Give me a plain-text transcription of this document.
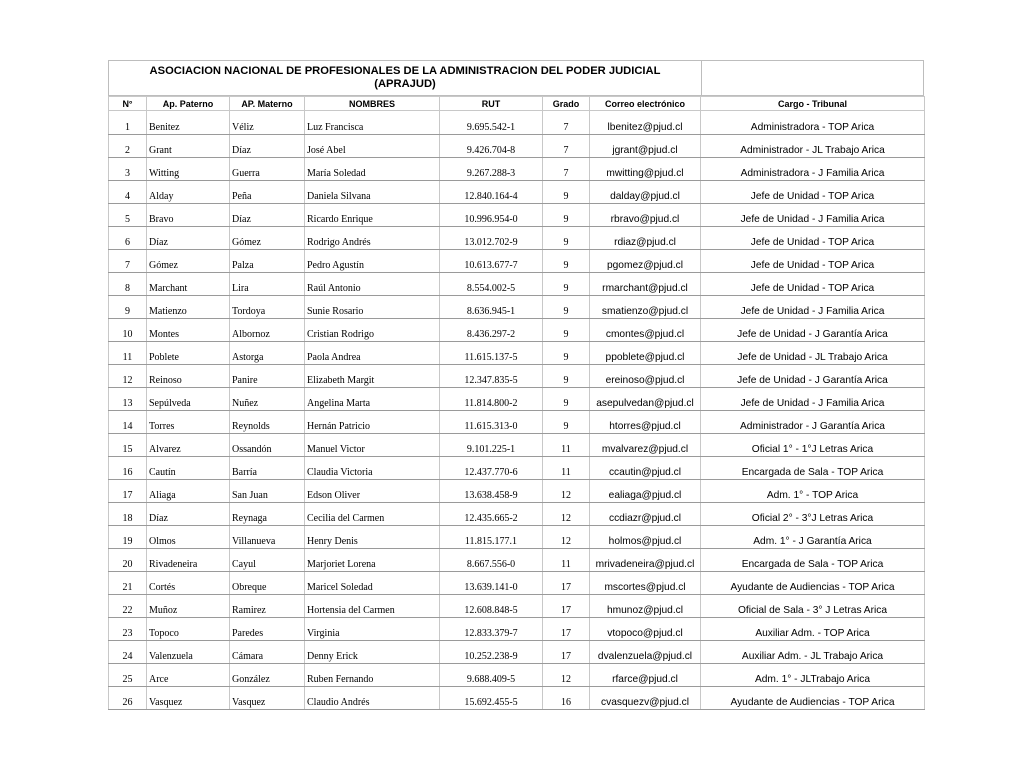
ASOCIACION NACIONAL DE PROFESIONALES DE LA ADMINISTRACION DEL PODER JUDICIAL
(APRAJUD)
N°	Ap. Paterno	AP. Materno	NOMBRES	RUT	Grado	Correo electrónico	Cargo - Tribunal
1	Benitez	Véliz	Luz Francisca	9.695.542-1	7	lbenitez@pjud.cl	Administradora - TOP Arica
2	Grant	Díaz	José Abel	9.426.704-8	7	jgrant@pjud.cl	Administrador - JL Trabajo Arica
3	Witting	Guerra	María Soledad	9.267.288-3	7	mwitting@pjud.cl	Administradora - J Familia Arica
4	Alday	Peña	Daniela Silvana	12.840.164-4	9	dalday@pjud.cl	Jefe de Unidad - TOP Arica
5	Bravo	Díaz	Ricardo Enrique	10.996.954-0	9	rbravo@pjud.cl	Jefe de Unidad - J Familia Arica
6	Díaz	Gómez	Rodrigo Andrés	13.012.702-9	9	rdiaz@pjud.cl	Jefe de Unidad - TOP Arica
7	Gómez	Palza	Pedro Agustín	10.613.677-7	9	pgomez@pjud.cl	Jefe de Unidad - TOP Arica
8	Marchant	Lira	Raúl Antonio	8.554.002-5	9	rmarchant@pjud.cl	Jefe de Unidad - TOP Arica
9	Matienzo	Tordoya	Sunie Rosario	8.636.945-1	9	smatienzo@pjud.cl	Jefe de Unidad - J Familia Arica
10	Montes	Albornoz	Cristian Rodrigo	8.436.297-2	9	cmontes@pjud.cl	Jefe de Unidad - J Garantía Arica
11	Poblete	Astorga	Paola Andrea	11.615.137-5	9	ppoblete@pjud.cl	Jefe de Unidad - JL Trabajo Arica
12	Reinoso	Panire	Elizabeth Margit	12.347.835-5	9	ereinoso@pjud.cl	Jefe de Unidad - J Garantía Arica
13	Sepúlveda	Nuñez	Angelina Marta	11.814.800-2	9	asepulvedan@pjud.cl	Jefe de Unidad - J Familia Arica
14	Torres	Reynolds	Hernán Patricio	11.615.313-0	9	htorres@pjud.cl	Administrador - J Garantía Arica
15	Alvarez	Ossandón	Manuel Victor	9.101.225-1	11	mvalvarez@pjud.cl	Oficial 1° - 1°J Letras Arica
16	Cautín	Barría	Claudia Victoria	12.437.770-6	11	ccautin@pjud.cl	Encargada de Sala - TOP Arica
17	Aliaga	San Juan	Edson Oliver	13.638.458-9	12	ealiaga@pjud.cl	Adm. 1° - TOP Arica
18	Díaz	Reynaga	Cecilia del Carmen	12.435.665-2	12	ccdiazr@pjud.cl	Oficial 2° - 3°J Letras Arica
19	Olmos	Villanueva	Henry Denis	11.815.177.1	12	holmos@pjud.cl	Adm. 1° - J Garantía Arica
20	Rivadeneira	Cayul	Marjoriet Lorena	8.667.556-0	11	mrivadeneira@pjud.cl	Encargada de Sala - TOP Arica
21	Cortés	Obreque	Maricel Soledad	13.639.141-0	17	mscortes@pjud.cl	Ayudante de Audiencias - TOP Arica
22	Muñoz	Ramirez	Hortensia del Carmen	12.608.848-5	17	hmunoz@pjud.cl	Oficial de Sala - 3° J Letras Arica
23	Topoco	Paredes	Virginia	12.833.379-7	17	vtopoco@pjud.cl	Auxiliar Adm. - TOP Arica
24	Valenzuela	Cámara	Denny Erick	10.252.238-9	17	dvalenzuela@pjud.cl	Auxiliar Adm. - JL Trabajo Arica
25	Arce	González	Ruben Fernando	9.688.409-5	12	rfarce@pjud.cl	Adm. 1° - JLTrabajo Arica
26	Vasquez	Vasquez	Claudio Andrés	15.692.455-5	16	cvasquezv@pjud.cl	Ayudante de Audiencias - TOP Arica
